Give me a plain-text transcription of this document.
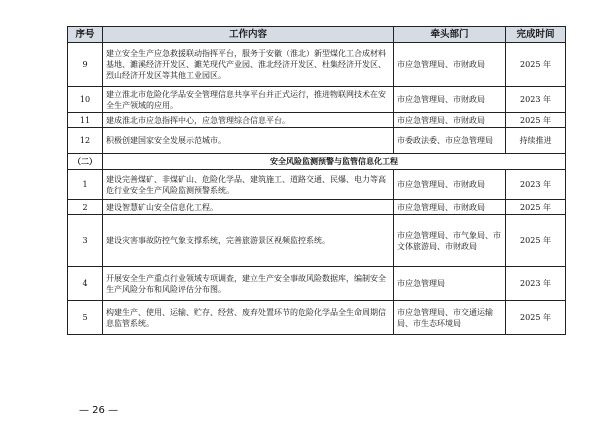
序号	工作内容	牵头部门	完成时间
9	建立安全生产应急救援联动指挥平台，服务于安徽（淮北）新型煤化工合成材料基地、濉溪经济开发区、濉芜现代产业园、淮北经济开发区、杜集经济开发区、烈山经济开发区等其他工业园区。	市应急管理局、市财政局	2025 年
10	建立淮北市危险化学品安全管理信息共享平台并正式运行，推进物联网技术在安全生产领域的应用。	市应急管理局、市财政局	2023 年
11	建成淮北市应急指挥中心，应急管理综合信息平台。	市应急管理局、市财政局	2025 年
12	积极创建国家安全发展示范城市。	市委政法委、市应急管理局	持续推进
（二）	安全风险监测预警与监管信息化工程		
1	建设完善煤矿、非煤矿山、危险化学品、建筑施工、道路交通、民爆、电力等高危行业安全生产风险监测预警系统。	市应急管理局、市财政局	2023 年
2	建设智慧矿山安全信息化工程。	市应急管理局、市财政局	2025 年
3	建设灾害事故防控气象支撑系统，完善旅游景区视频监控系统。	市应急管理局、市气象局、市文体旅游局、市财政局	2025 年
4	开展安全生产重点行业领域专项调查，建立生产安全事故风险数据库，编制安全生产风险分布和风险评估分布图。	市应急管理局	2023 年
5	构建生产、使用、运输、贮存、经营、废弃处置环节的危险化学品全生命周期信息监管系统。	市应急管理局、市交通运输局、市生态环境局	2025 年
— 26 —
